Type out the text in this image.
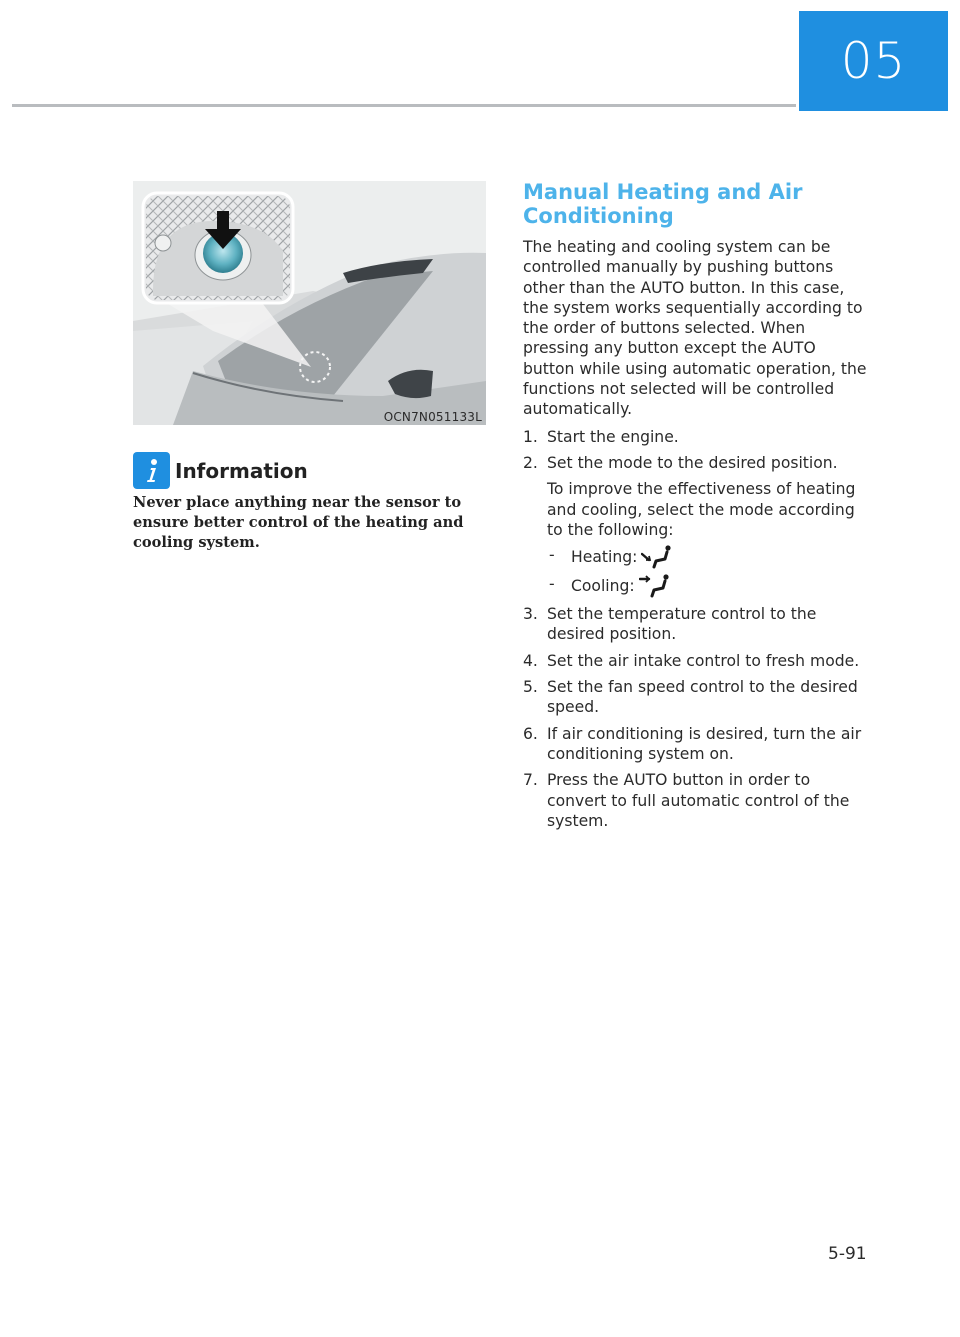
05
OCN7N051133L
Information
Never place anything near the sensor to ensure better control of the heating and cooling system.
Manual Heating and Air Conditioning

The heating and cooling system can be controlled manually by pushing buttons other than the AUTO button. In this case, the system works sequentially according to the order of buttons selected. When pressing any button except the AUTO button while using automatic operation, the functions not selected will be controlled automatically.

1. Start the engine.
2. Set the mode to the desired position.
To improve the effectiveness of heating and cooling, select the mode according to the following:
- Heating:
- Cooling:
3. Set the temperature control to the desired position.
4. Set the air intake control to fresh mode.
5. Set the fan speed control to the desired speed.
6. If air conditioning is desired, turn the air conditioning system on.
7. Press the AUTO button in order to convert to full automatic control of the system.
5-91
